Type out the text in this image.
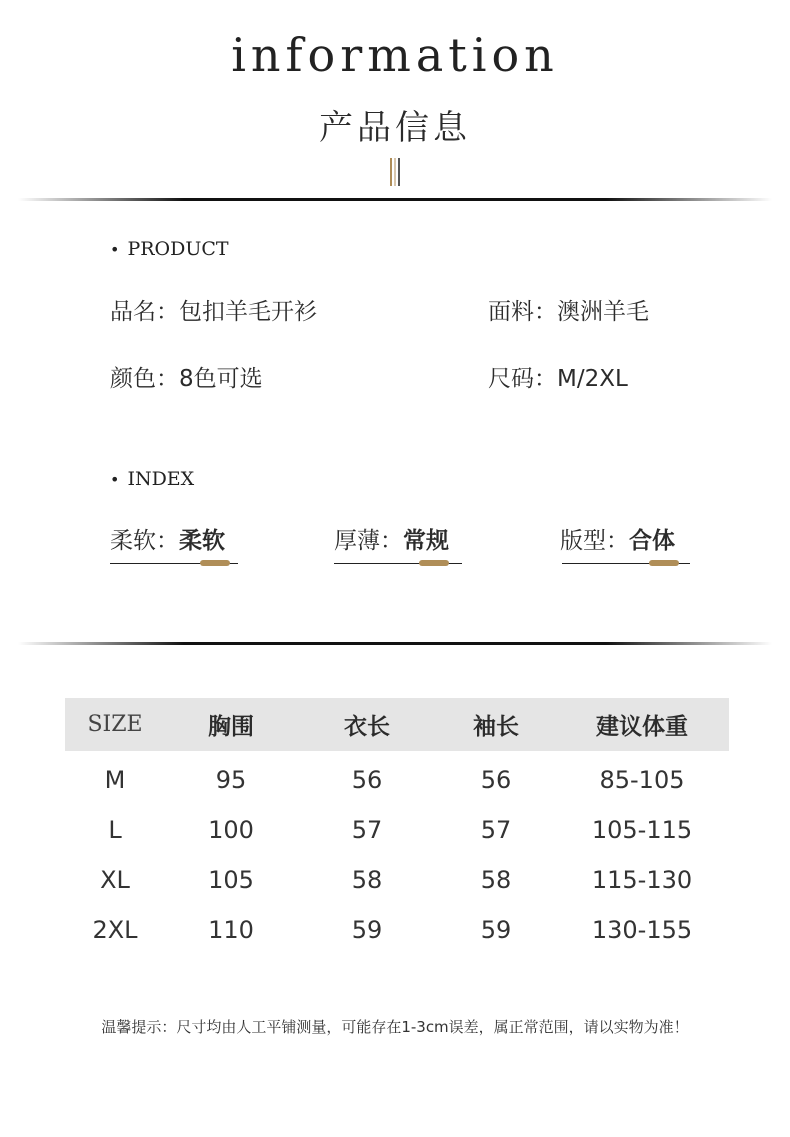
information
产品信息
• PRODUCT
品名：包扣羊毛开衫	面料：澳洲羊毛
颜色：8色可选	尺码：M/2XL
• INDEX
柔软：柔软	厚薄：常规	版型：合体
SIZE	胸围	衣长	袖长	建议体重
M	95	56	56	85-105
L	100	57	57	105-115
XL	105	58	58	115-130
2XL	110	59	59	130-155
温馨提示：尺寸均由人工平铺测量，可能存在1-3cm误差，属正常范围，请以实物为准！
